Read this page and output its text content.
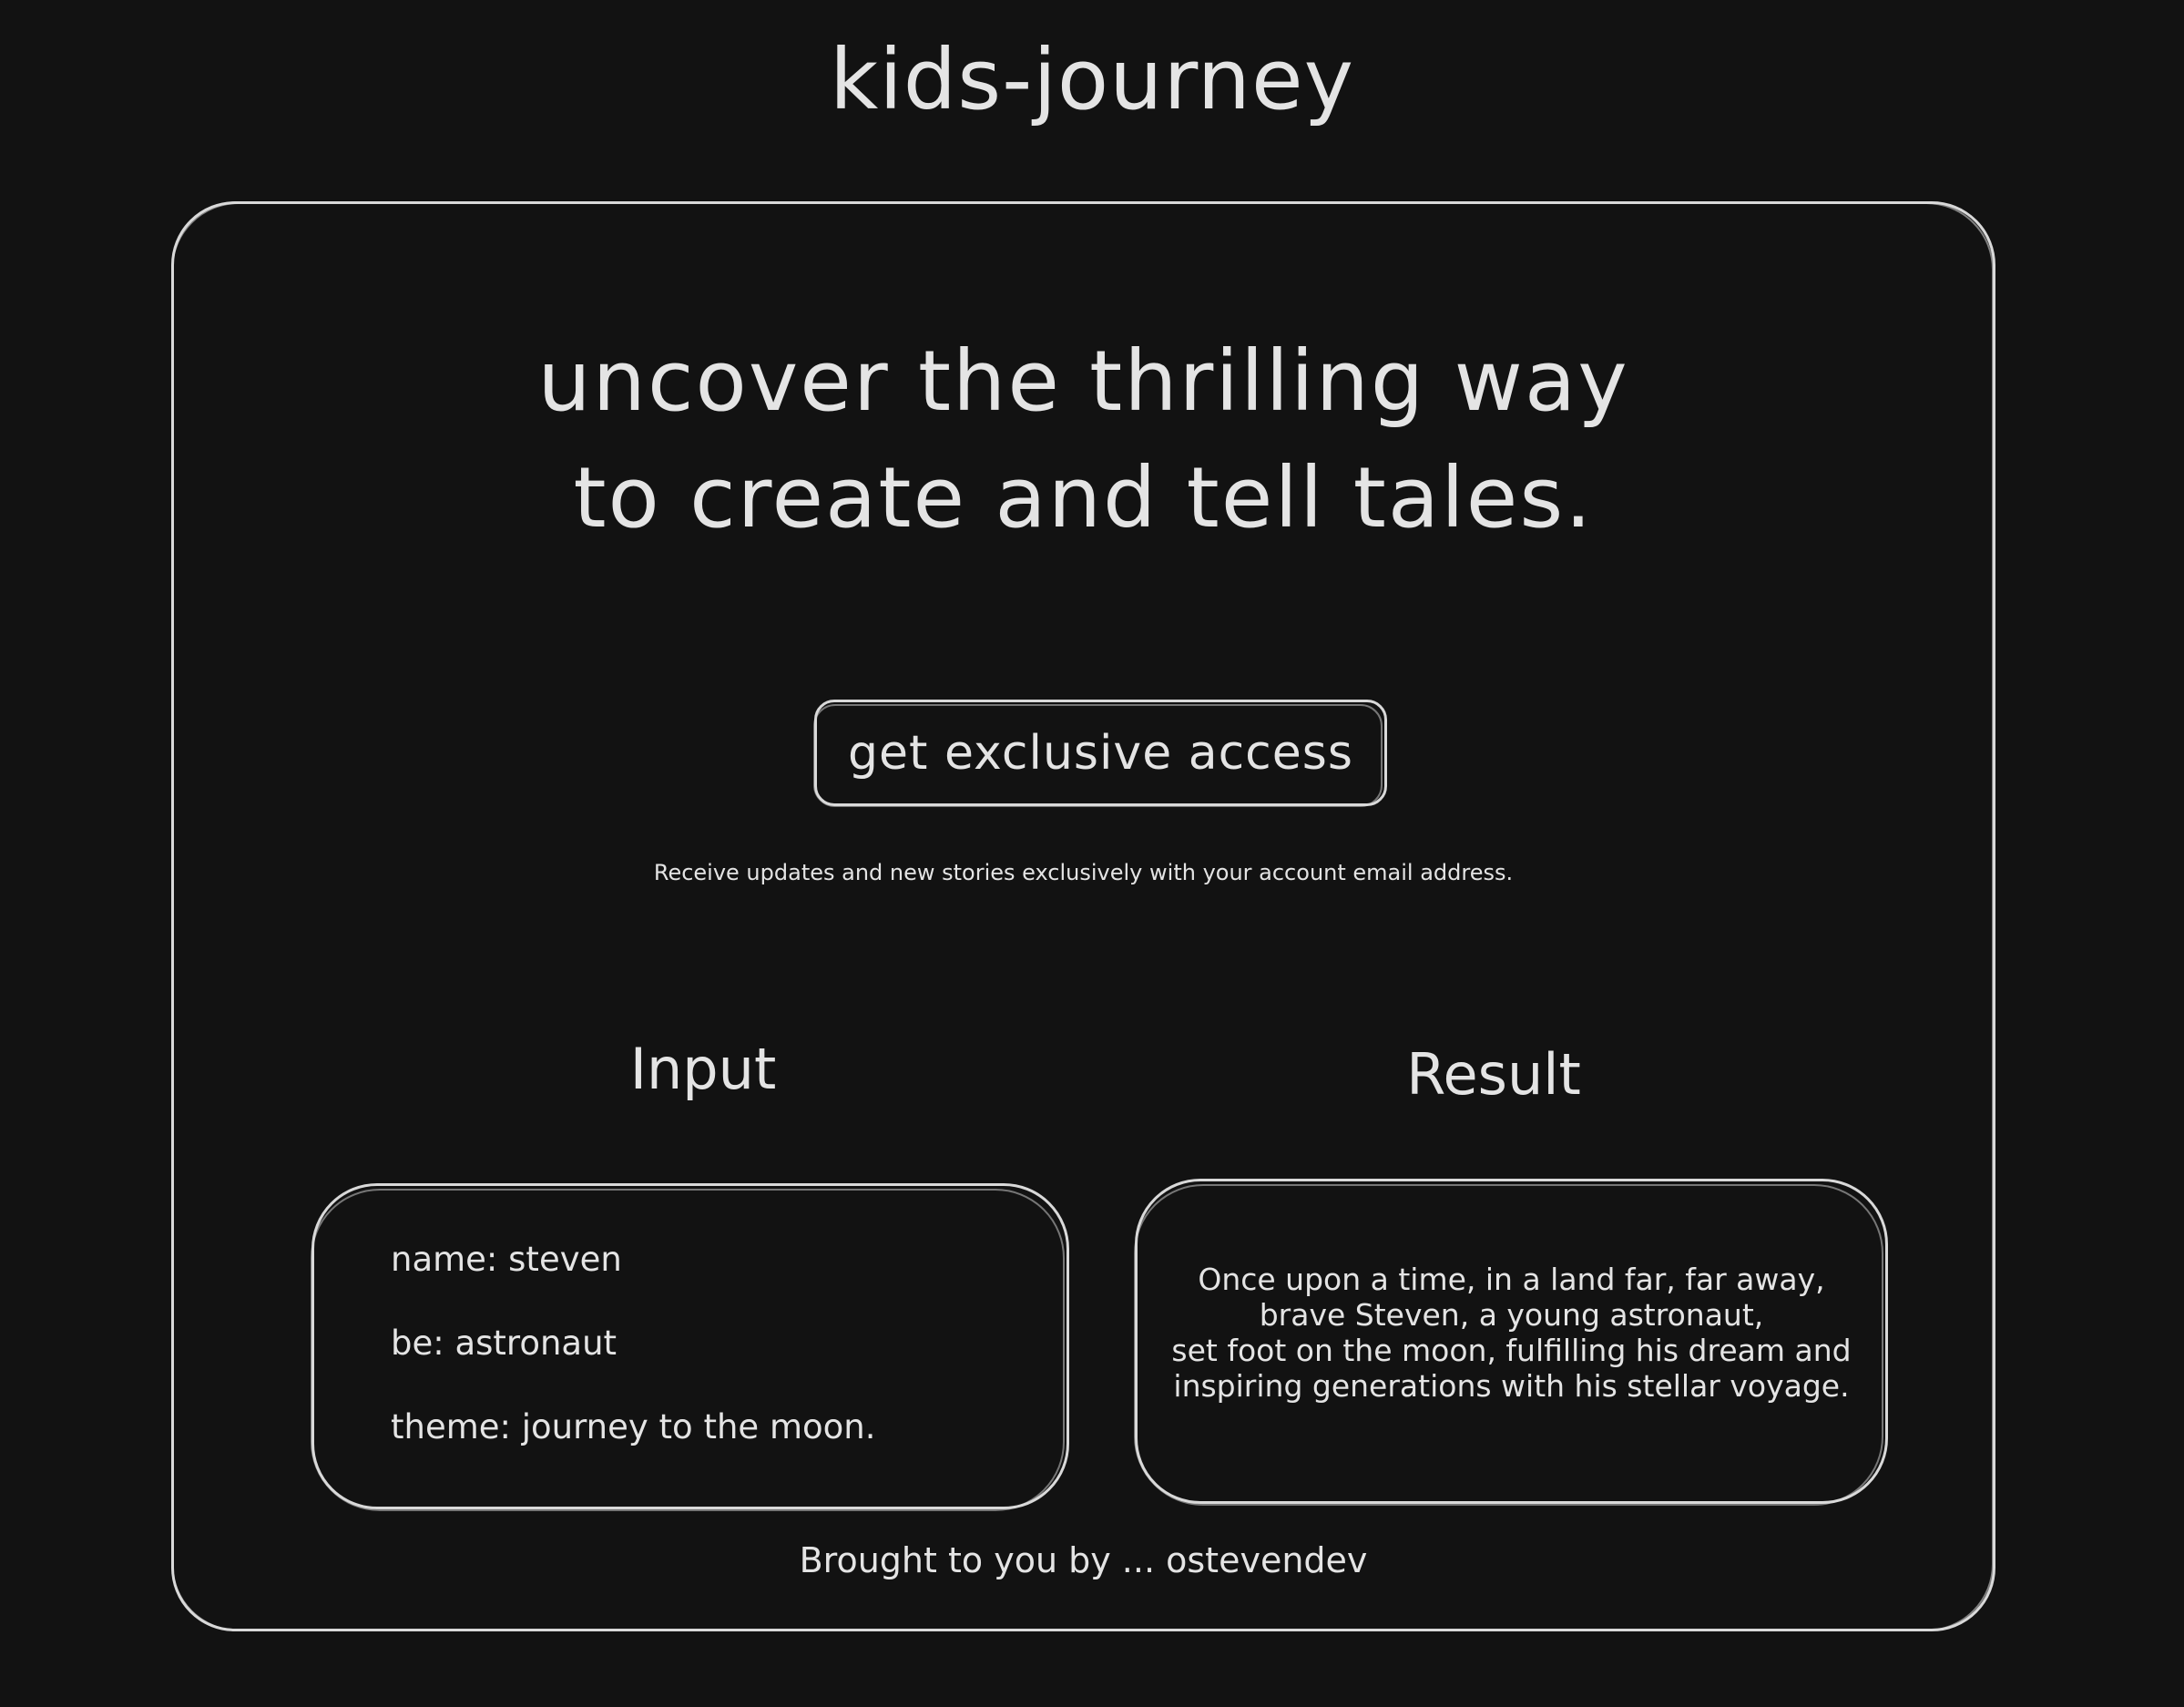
kids-journey
uncover the thrilling way
to create and tell tales.
get exclusive access
Receive updates and new stories exclusively with your account email address.
Input	Result
name: steven
be: astronaut
theme: journey to the moon.
Once upon a time, in a land far, far away,
brave Steven, a young astronaut,
set foot on the moon, fulfilling his dream and
inspiring generations with his stellar voyage.
Brought to you by ... ostevendev
